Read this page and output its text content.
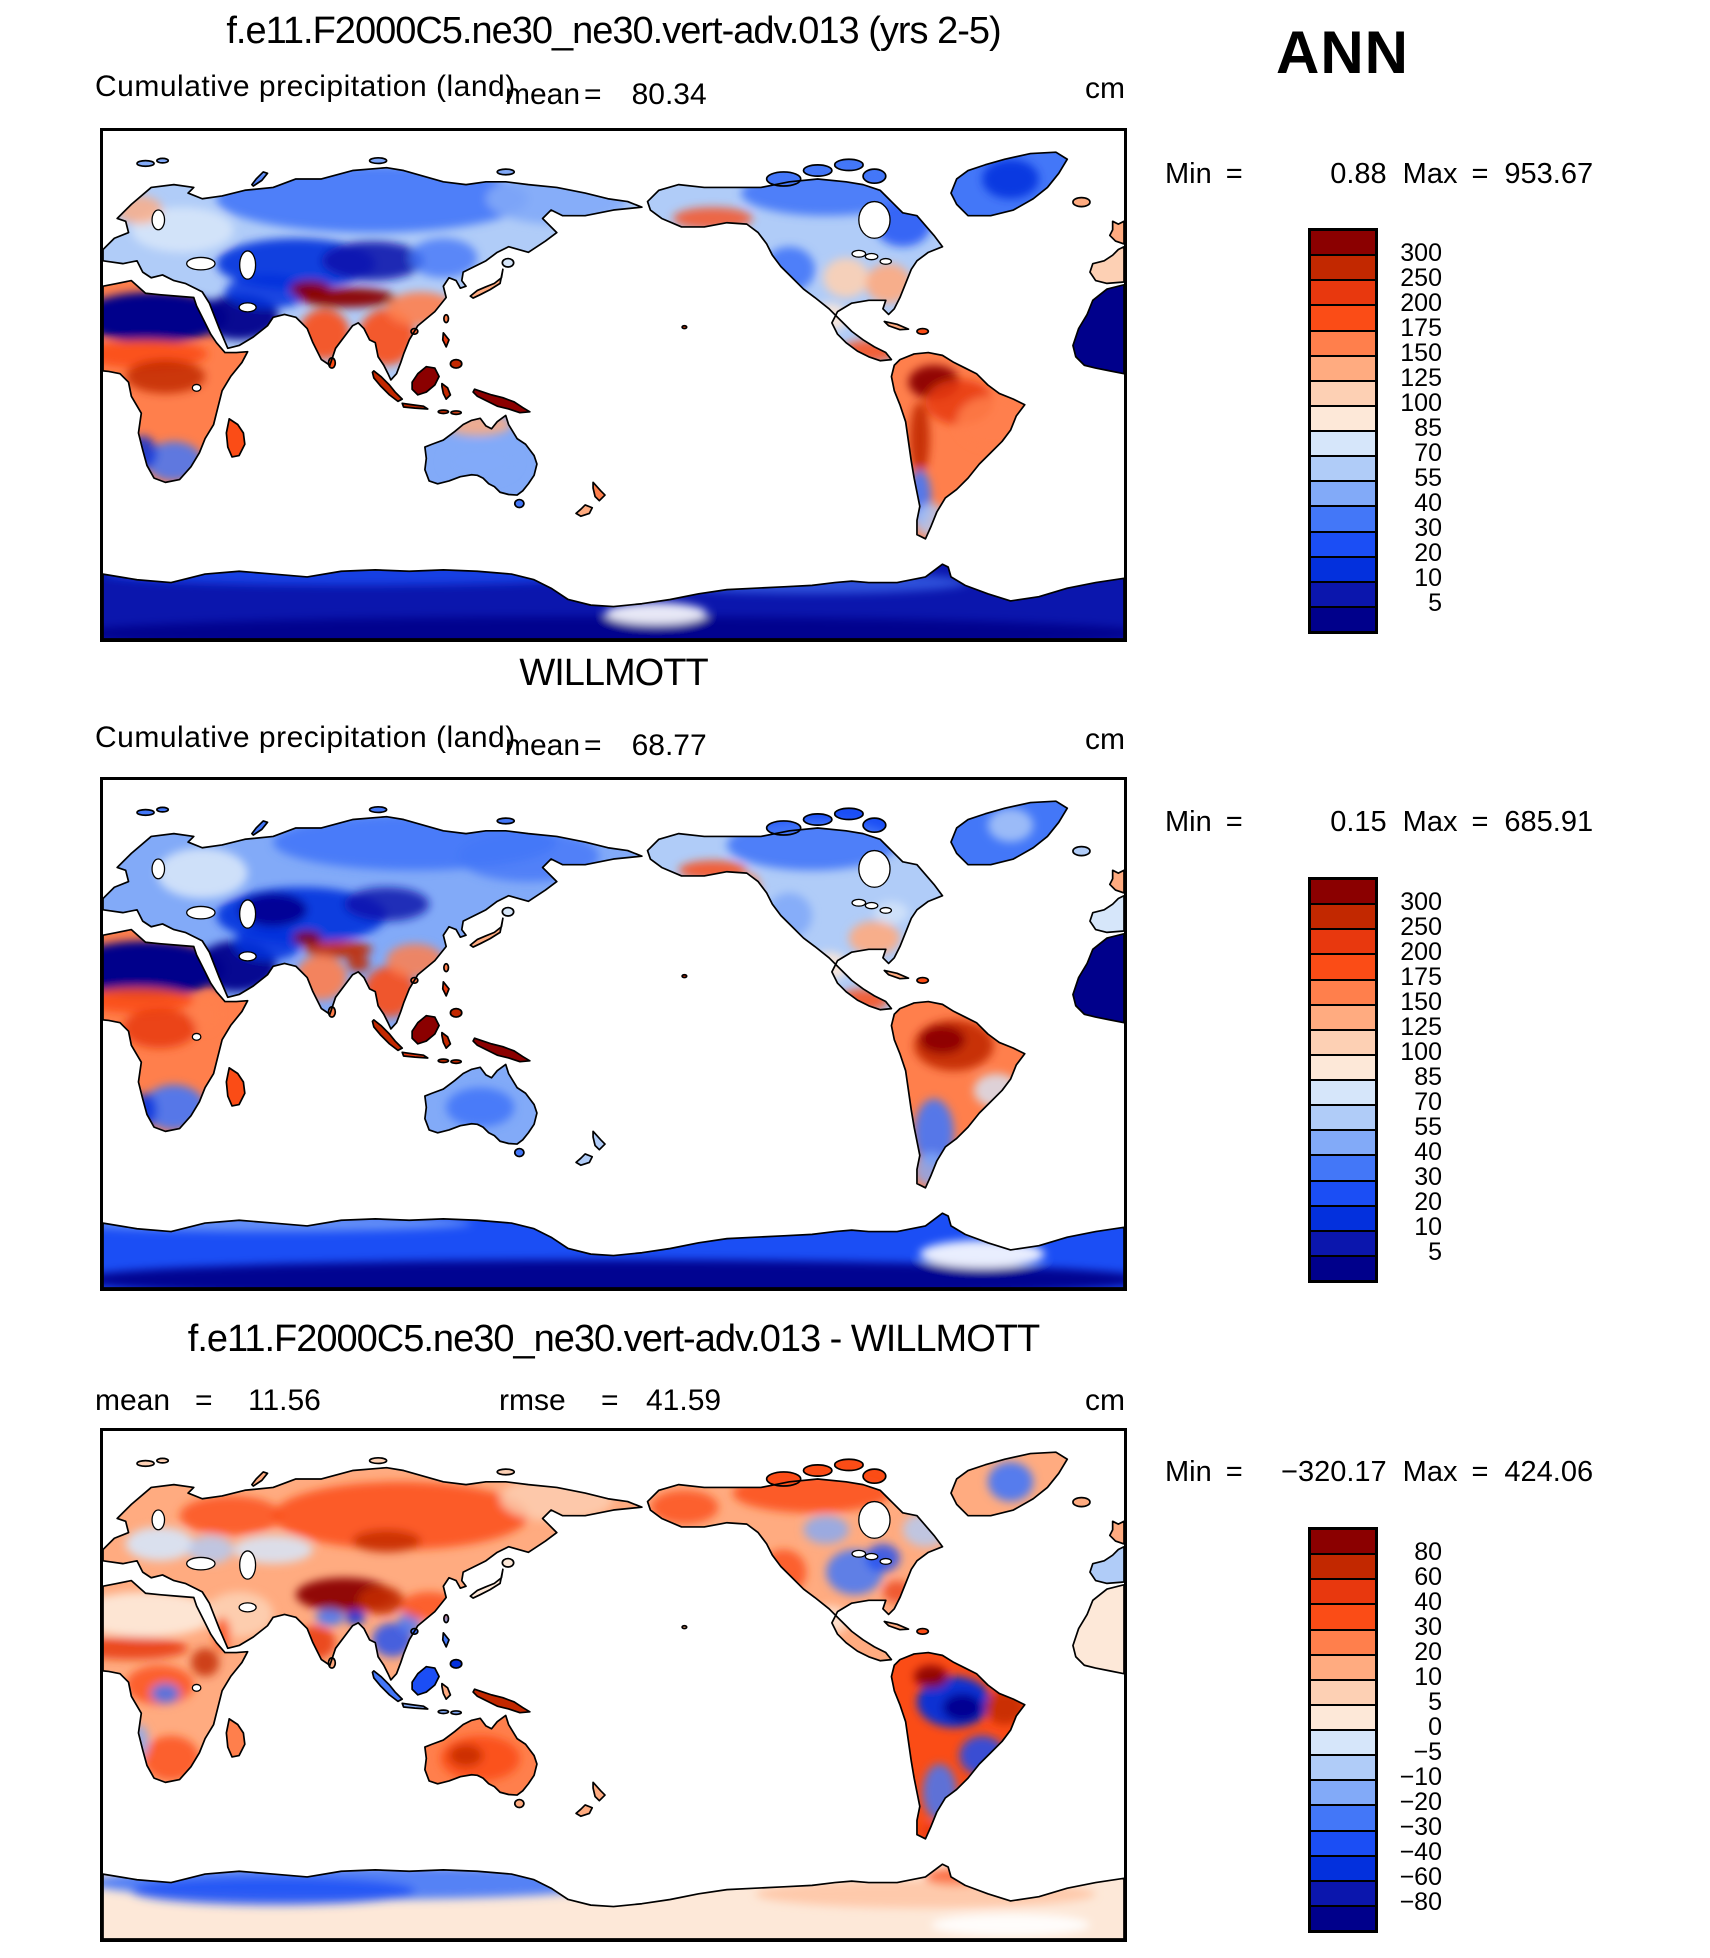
f.e11.F2000C5.ne30_ne30.vert-adv.013 (yrs 2-5)	ANN
Cumulative precipitation (land)
mean = 80.34	cm
Min =	0.88 Max = 953.67
300
250
200
175
150
125
100
85
70
55
40
30
20
10
5
WILLMOTT
Cumulative precipitation (land)
mean = 68.77	cm
Min =	0.15 Max = 685.91
300
250
200
175
150
125
100
85
70
55
40
30
20
10
5
f.e11.F2000C5.ne30_ne30.vert-adv.013 - WILLMOTT
mean = 11.56	rmse = 41.59	cm
Min =	−320.17 Max = 424.06
80
60
40
30
20
10
5
0
−5
−10
−20
−30
−40
−60
−80
